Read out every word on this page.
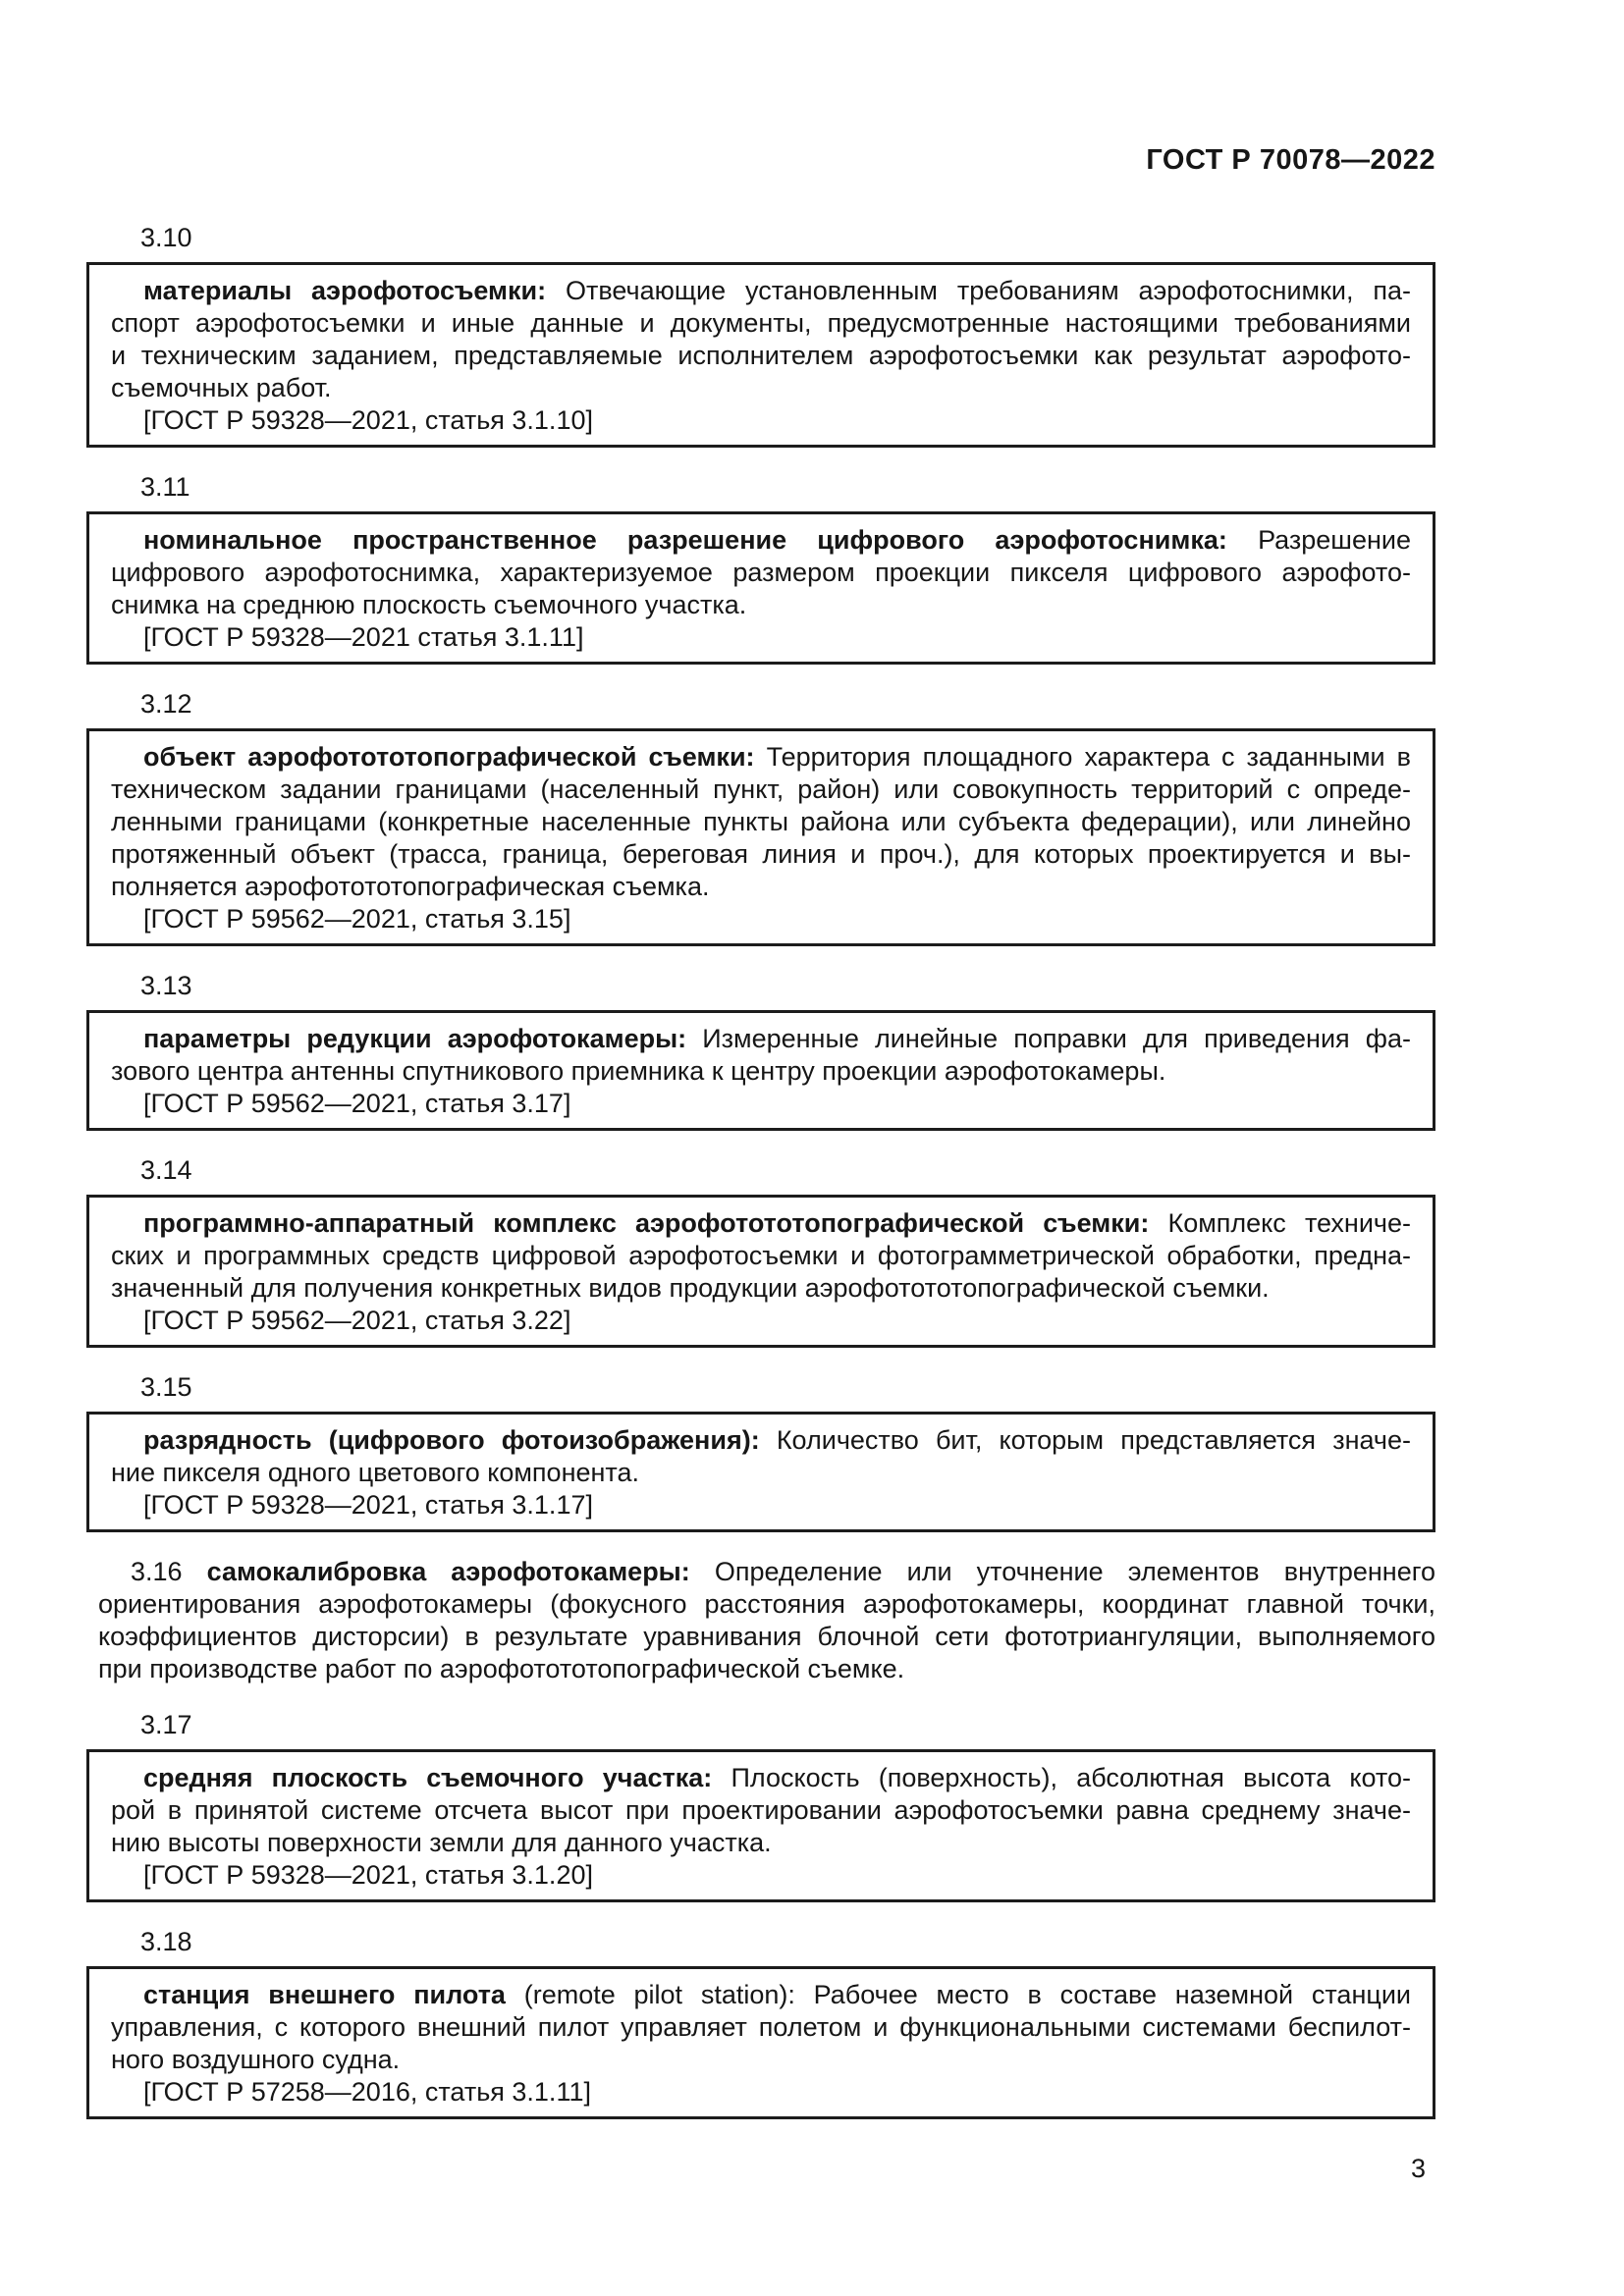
ГОСТ Р 70078—2022
3.10
материалы аэрофотосъемки: Отвечающие установленным требованиям аэрофотоснимки, па-
спорт аэрофотосъемки и иные данные и документы, предусмотренные настоящими требованиями
и техническим заданием, представляемые исполнителем аэрофотосъемки как результат аэрофото-
съемочных работ.
[ГОСТ Р 59328—2021, статья 3.1.10]
3.11
номинальное пространственное разрешение цифрового аэрофотоснимка: Разрешение
цифрового аэрофотоснимка, характеризуемое размером проекции пикселя цифрового аэрофото-
снимка на среднюю плоскость съемочного участка.
[ГОСТ Р 59328—2021 статья 3.1.11]
3.12
объект аэрофотототопографической съемки: Территория площадного характера с заданными в
техническом задании границами (населенный пункт, район) или совокупность территорий с опреде-
ленными границами (конкретные населенные пункты района или субъекта федерации), или линейно
протяженный объект (трасса, граница, береговая линия и проч.), для которых проектируется и вы-
полняется аэрофотототопографическая съемка.
[ГОСТ Р 59562—2021, статья 3.15]
3.13
параметры редукции аэрофотокамеры: Измеренные линейные поправки для приведения фа-
зового центра антенны спутникового приемника к центру проекции аэрофотокамеры.
[ГОСТ Р 59562—2021, статья 3.17]
3.14
программно-аппаратный комплекс аэрофотототопографической съемки: Комплекс техниче-
ских и программных средств цифровой аэрофотосъемки и фотограмметрической обработки, предна-
значенный для получения конкретных видов продукции аэрофотототопографической съемки.
[ГОСТ Р 59562—2021, статья 3.22]
3.15
разрядность (цифрового фотоизображения): Количество бит, которым представляется значе-
ние пикселя одного цветового компонента.
[ГОСТ Р 59328—2021, статья 3.1.17]
3.16 самокалибровка аэрофотокамеры: Определение или уточнение элементов внутреннего
ориентирования аэрофотокамеры (фокусного расстояния аэрофотокамеры, координат главной точки,
коэффициентов дисторсии) в результате уравнивания блочной сети фототриангуляции, выполняемого
при производстве работ по аэрофотототопографической съемке.
3.17
средняя плоскость съемочного участка: Плоскость (поверхность), абсолютная высота кото-
рой в принятой системе отсчета высот при проектировании аэрофотосъемки равна среднему значе-
нию высоты поверхности земли для данного участка.
[ГОСТ Р 59328—2021, статья 3.1.20]
3.18
станция внешнего пилота (remote pilot station): Рабочее место в составе наземной станции
управления, с которого внешний пилот управляет полетом и функциональными системами беспилот-
ного воздушного судна.
[ГОСТ Р 57258—2016, статья 3.1.11]
3
